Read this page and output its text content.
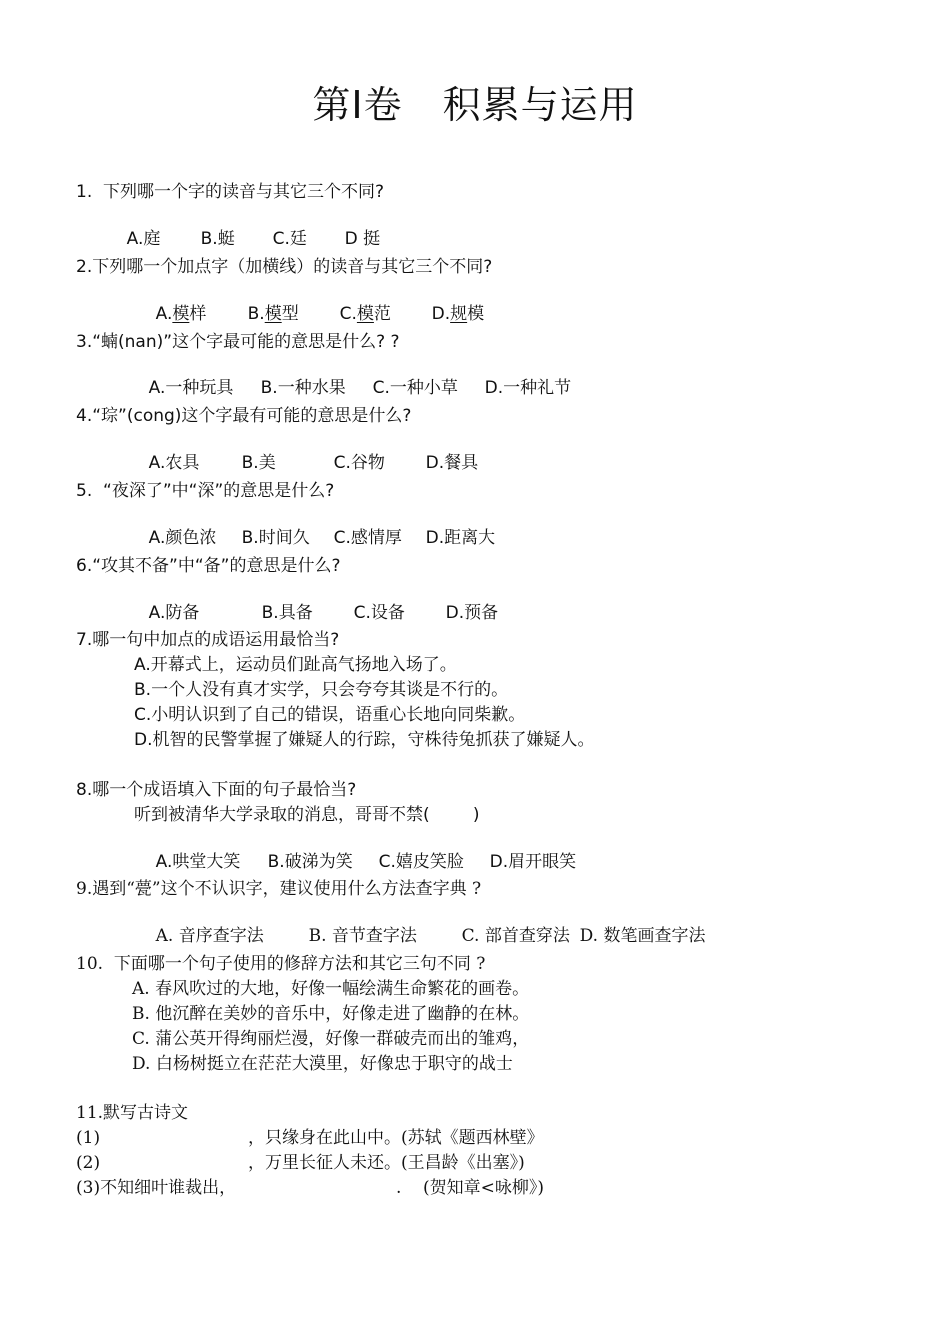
第Ⅰ卷 积累与运用
1.  下列哪一个字的读音与其它三个不同?

A.庭 B.蜓 C.廷 D 挺

2.下列哪一个加点字（加横线）的读音与其它三个不同?

A.模样 B.模型 C.模范 D.规模

3.“蝻(nan)”这个字最可能的意思是什么? ?

A.一种玩具 B.一种水果 C.一种小草 D.一种礼节

4.“琮”(cong)这个字最有可能的意思是什么?

A.农具 B.美	C.谷物 D.餐具

5.  “夜深了”中“深”的意思是什么?

A.颜色浓 B.时间久 C.感情厚 D.距离大

6.“攻其不备”中“备”的意思是什么?

A.防备	B.具备 C.设备 D.预备

7.哪一句中加点的成语运用最恰当?
A.开幕式上，运动员们趾高气扬地入场了。
B.一个人没有真才实学，只会夸夸其谈是不行的。
C.小明认识到了自己的错误，语重心长地向同柴歉。
D.机智的民警掌握了嫌疑人的行踪，守株待兔抓获了嫌疑人。
8.哪一个成语填入下面的句子最恰当?
听到被清华大学录取的消息，哥哥不禁(        )

A.哄堂大笑 B.破涕为笑 C.嬉皮笑脸 D.眉开眼笑

9.遇到“甍”这个不认识字，建议使用什么方法查字典 ?

A. 音序查字法	B. 音节查字法	C. 部首查穿法 D. 数笔画查字法

10.  下面哪一个句子使用的修辞方法和其它三句不同 ?
A. 春风吹过的大地，好像一幅绘满生命繁花的画卷。
B. 他沉醉在美妙的音乐中，好像走进了幽静的在林。
C. 蒲公英开得绚丽烂漫，好像一群破壳而出的雏鸡，
D. 白杨树挺立在茫茫大漠里，好像忠于职守的战士
11.默写古诗文
(1)	，只缘身在此山中。(苏轼《题西林壁》
(2)	，万里长征人未还。(王昌龄《出塞》)
(3)不知细叶谁裁出，	.    (贺知章<咏柳》)
